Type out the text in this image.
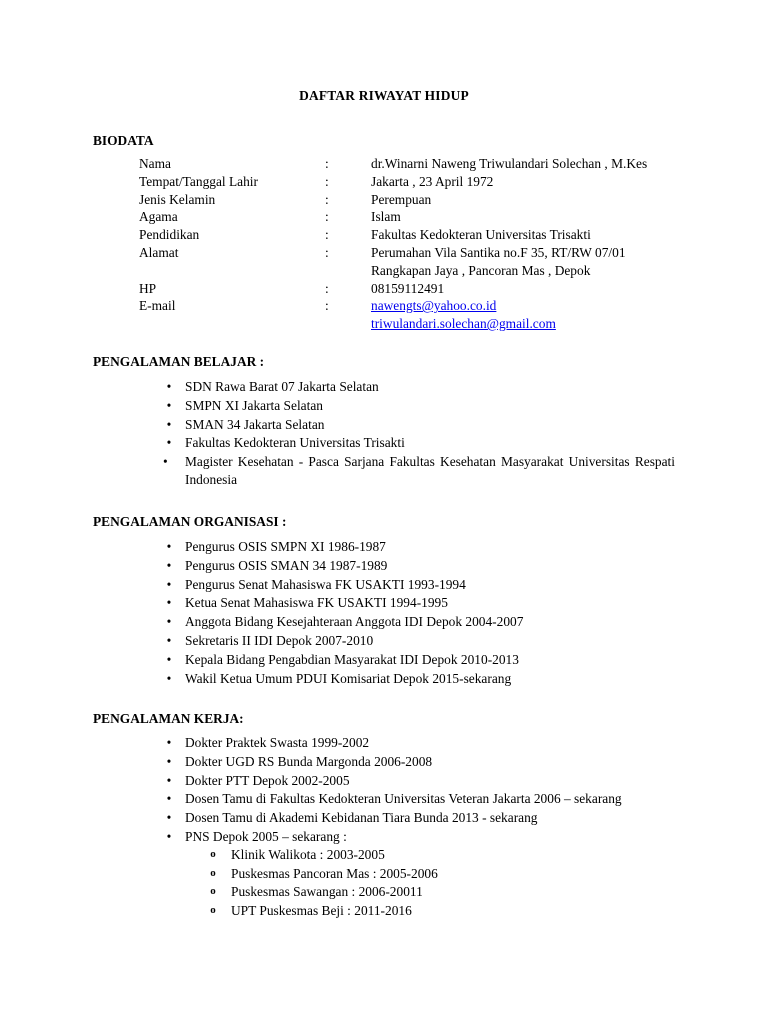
DAFTAR RIWAYAT HIDUP
BIODATA
Nama	:	dr.Winarni Naweng Triwulandari Solechan , M.Kes
Tempat/Tanggal Lahir	:	Jakarta , 23 April 1972
Jenis Kelamin	:	Perempuan
Agama	:	Islam
Pendidikan	:	Fakultas Kedokteran Universitas Trisakti
Alamat	:	Perumahan Vila Santika no.F 35, RT/RW 07/01
Rangkapan Jaya , Pancoran Mas , Depok
HP	:	08159112491
E-mail	:	nawengts@yahoo.co.id
triwulandari.solechan@gmail.com
PENGALAMAN BELAJAR :
• SDN Rawa Barat 07 Jakarta Selatan
• SMPN XI Jakarta Selatan
• SMAN 34 Jakarta Selatan
• Fakultas Kedokteran Universitas Trisakti
•	Magister Kesehatan - Pasca Sarjana Fakultas Kesehatan Masyarakat Universitas Respati Indonesia
PENGALAMAN ORGANISASI :
• Pengurus OSIS SMPN XI 1986-1987
• Pengurus OSIS SMAN 34 1987-1989
• Pengurus Senat Mahasiswa FK USAKTI 1993-1994
• Ketua Senat Mahasiswa FK USAKTI 1994-1995
• Anggota Bidang Kesejahteraan Anggota IDI Depok 2004-2007
• Sekretaris II IDI Depok 2007-2010
• Kepala Bidang Pengabdian Masyarakat IDI Depok 2010-2013
• Wakil Ketua Umum PDUI Komisariat Depok 2015-sekarang
PENGALAMAN KERJA:
• Dokter Praktek Swasta 1999-2002
• Dokter UGD RS Bunda Margonda 2006-2008
• Dokter PTT Depok 2002-2005
• Dosen Tamu di Fakultas Kedokteran Universitas Veteran Jakarta 2006 – sekarang
• Dosen Tamu di Akademi Kebidanan Tiara Bunda 2013 - sekarang
• PNS Depok 2005 – sekarang :
o Klinik Walikota : 2003-2005
o Puskesmas Pancoran Mas : 2005-2006
o Puskesmas Sawangan : 2006-20011
o UPT Puskesmas Beji : 2011-2016
